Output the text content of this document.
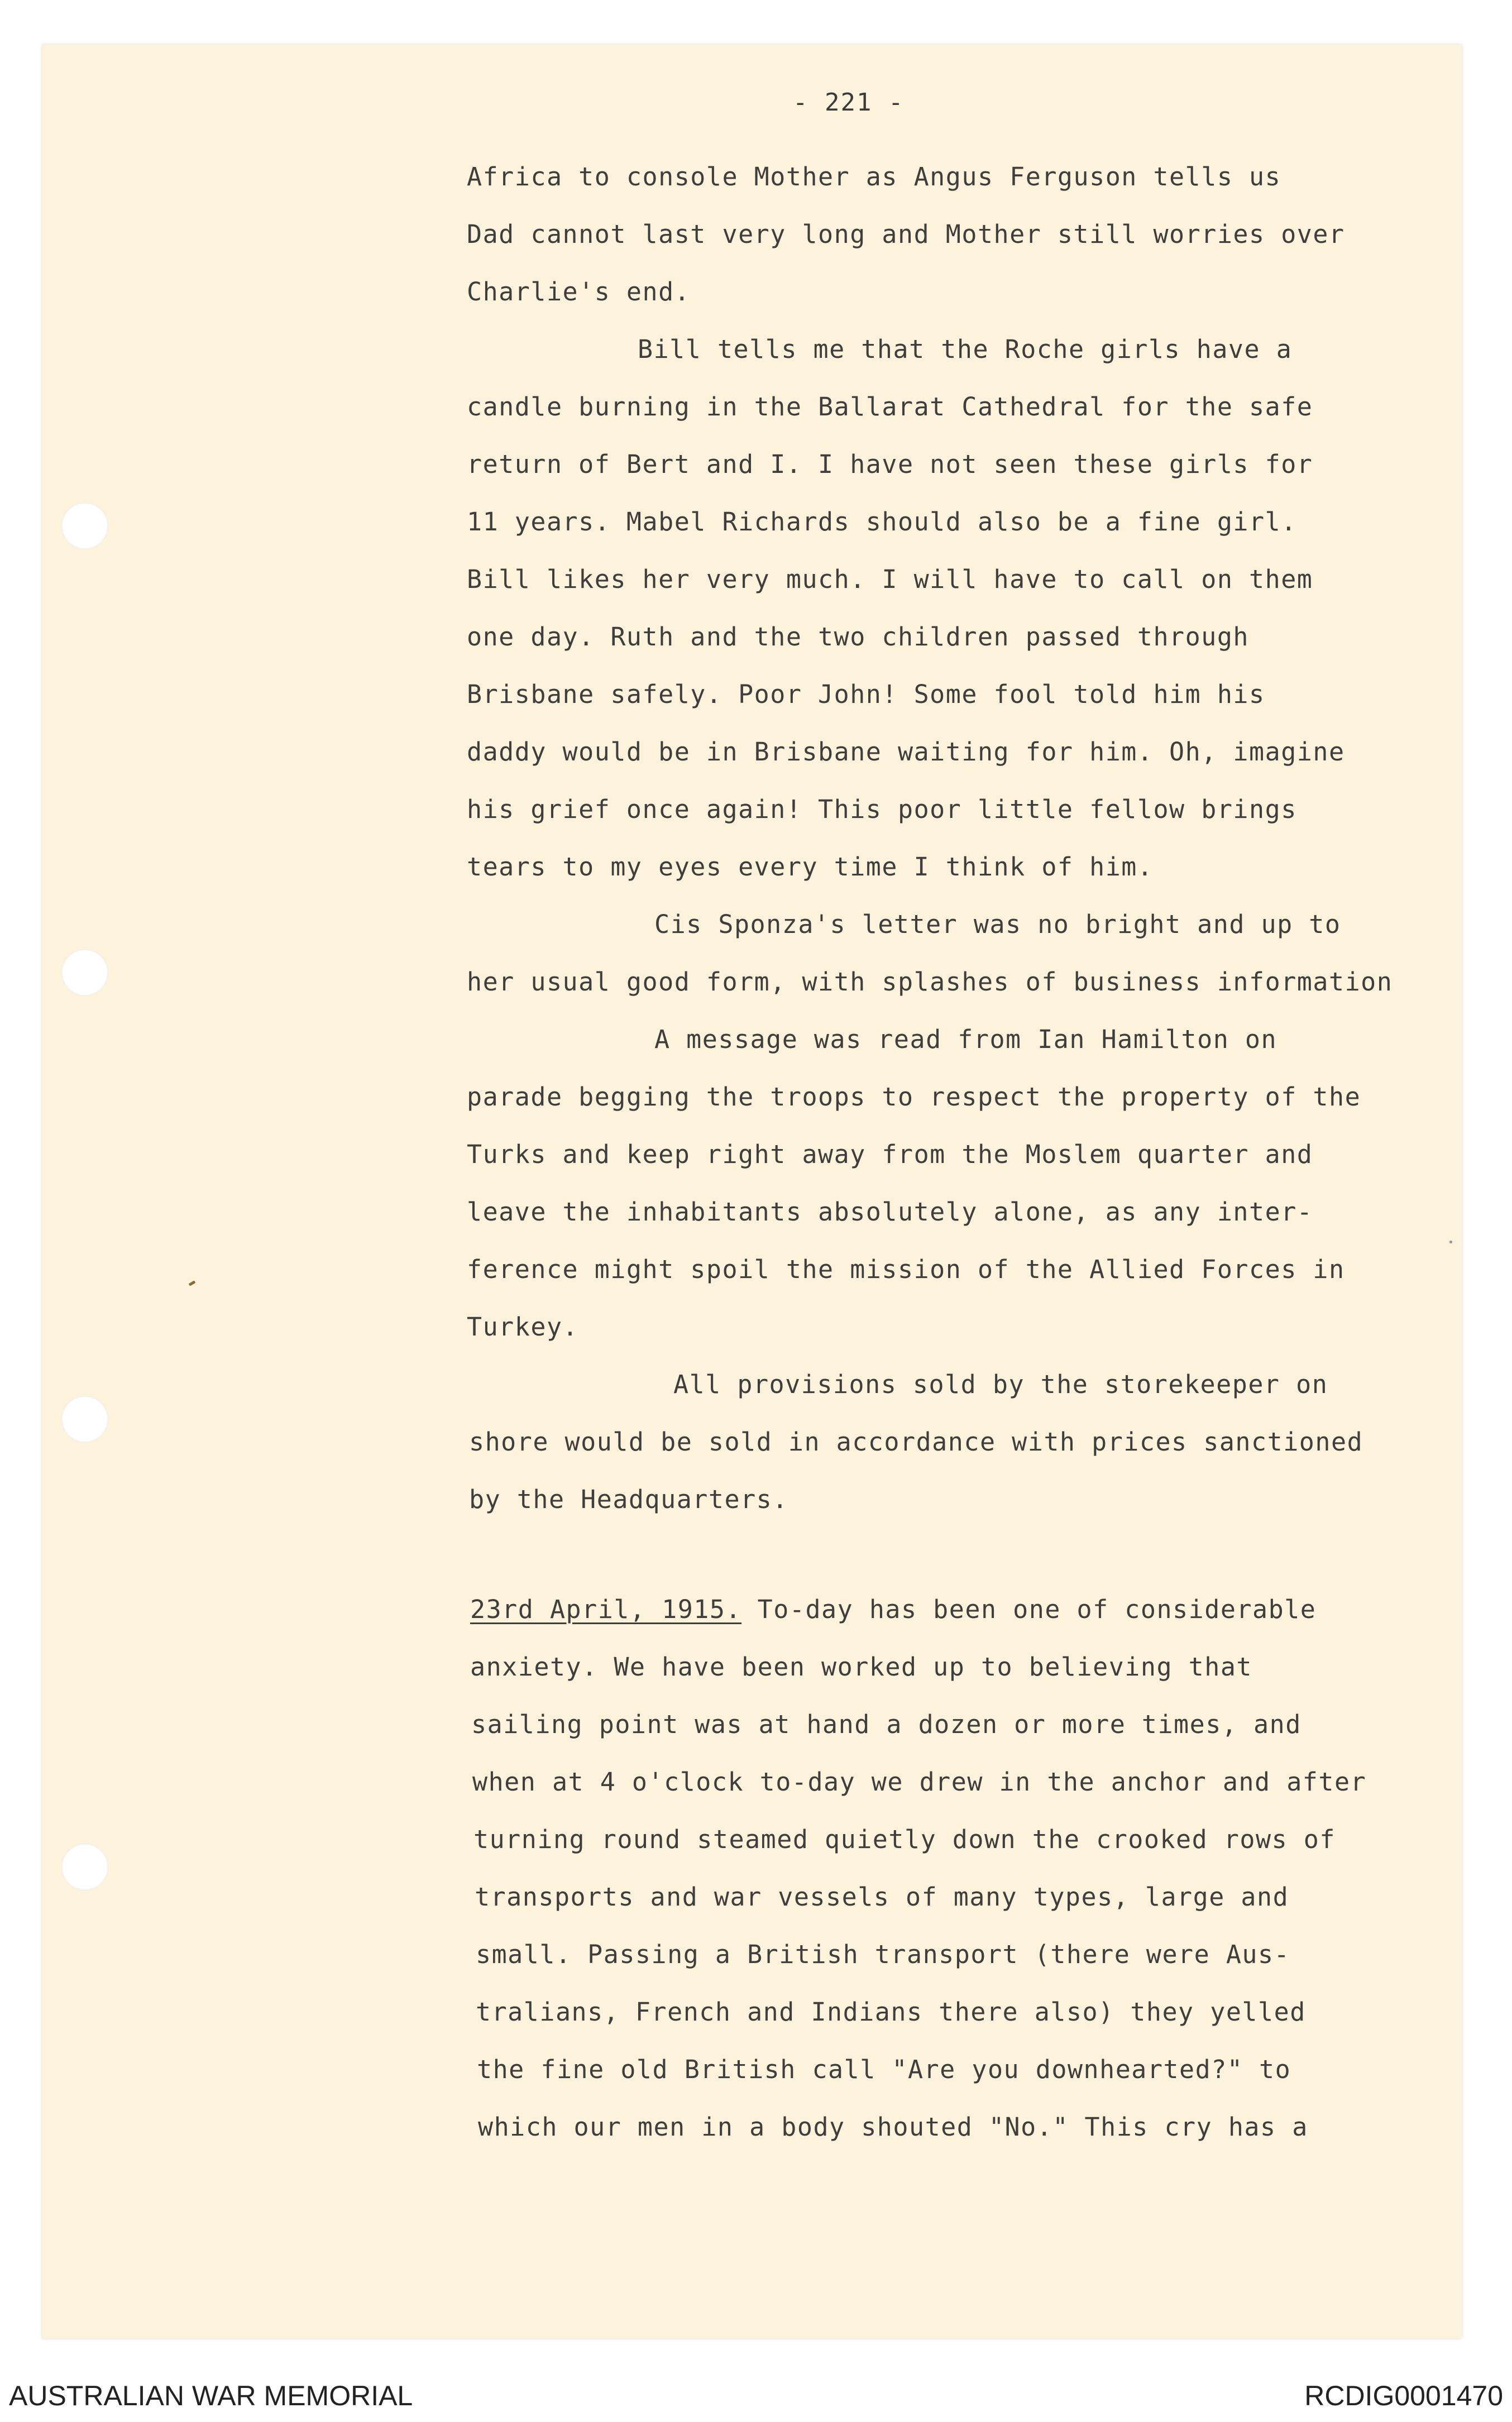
- 221 -
Africa to console Mother as Angus Ferguson tells us
Dad cannot last very long and Mother still worries over
Charlie's end.
Bill tells me that the Roche girls have a
candle burning in the Ballarat Cathedral for the safe
return of Bert and I. I have not seen these girls for
11 years. Mabel Richards should also be a fine girl.
Bill likes her very much. I will have to call on them
one day. Ruth and the two children passed through
Brisbane safely. Poor John! Some fool told him his
daddy would be in Brisbane waiting for him. Oh, imagine
his grief once again! This poor little fellow brings
tears to my eyes every time I think of him.
Cis Sponza's letter was no bright and up to
her usual good form, with splashes of business information
A message was read from Ian Hamilton on
parade begging the troops to respect the property of the
Turks and keep right away from the Moslem quarter and
leave the inhabitants absolutely alone, as any inter-
ference might spoil the mission of the Allied Forces in
Turkey.
All provisions sold by the storekeeper on
shore would be sold in accordance with prices sanctioned
by the Headquarters.
23rd April, 1915. To-day has been one of considerable
anxiety. We have been worked up to believing that
sailing point was at hand a dozen or more times, and
when at 4 o'clock to-day we drew in the anchor and after
turning round steamed quietly down the crooked rows of
transports and war vessels of many types, large and
small. Passing a British transport (there were Aus-
tralians, French and Indians there also) they yelled
the fine old British call "Are you downhearted?" to
which our men in a body shouted "No." This cry has a
AUSTRALIAN WAR MEMORIAL	RCDIG0001470
